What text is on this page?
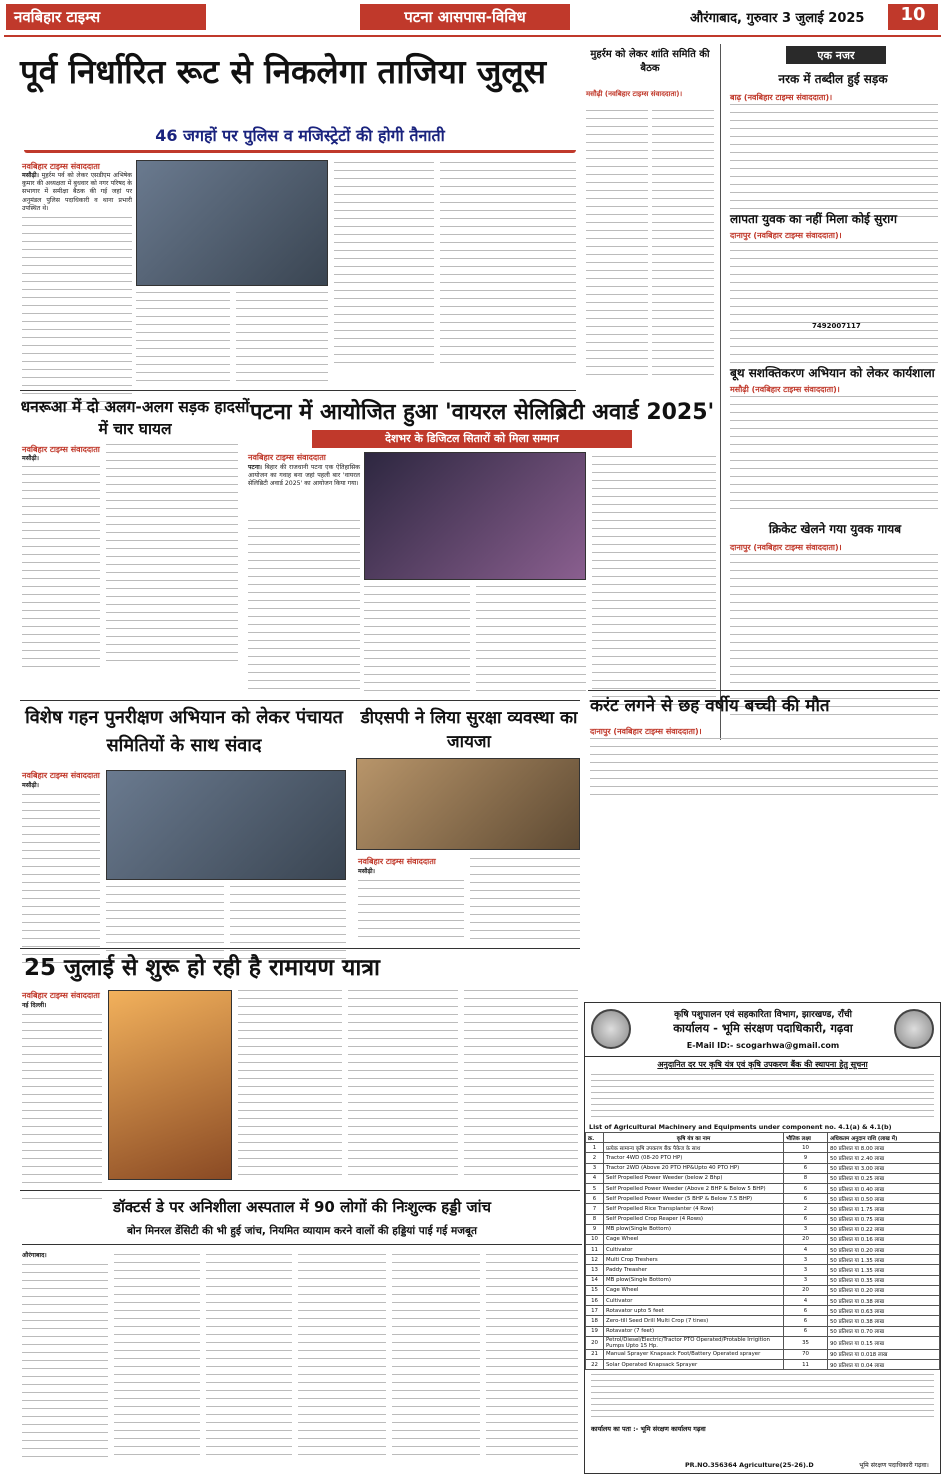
नवबिहार टाइम्स	पटना आसपास-विविध	औरंगाबाद, गुरुवार 3 जुलाई 2025	10
पूर्व निर्धारित रूट से निकलेगा ताजिया जुलूस
46 जगहों पर पुलिस व मजिस्ट्रेटों की होगी तैनाती
नवबिहार टाइम्स संवाददाता
मसौढ़ी। मुहर्रम पर्व को लेकर एसडीएम अभिषेक कुमार की अध्यक्षता में बुधवार को नगर परिषद के सभागार में समीक्षा बैठक की गई जहां पर अनुमंडल पुलिस पदाधिकारी व थाना प्रभारी उपस्थित थे।
मुहर्रम को लेकर शांति समिति की बैठक
मसौढ़ी (नवबिहार टाइम्स संवाददाता)।
एक नजर
नरक में तब्दील हुई सड़क
बाढ़ (नवबिहार टाइम्स संवाददाता)।
लापता युवक का नहीं मिला कोई सुराग
दानापुर (नवबिहार टाइम्स संवाददाता)।
7492007117
बूथ सशक्तिकरण अभियान को लेकर कार्यशाला
मसौढ़ी (नवबिहार टाइम्स संवाददाता)।
क्रिकेट खेलने गया युवक गायब
दानापुर (नवबिहार टाइम्स संवाददाता)।
धनरूआ में दो अलग-अलग सड़क हादसों में चार घायल
नवबिहार टाइम्स संवाददाता
मसौढ़ी।
पटना में आयोजित हुआ 'वायरल सेलिब्रिटी अवार्ड 2025'
देशभर के डिजिटल सितारों को मिला सम्मान
नवबिहार टाइम्स संवाददाता
पटना। बिहार की राजधानी पटना एक ऐतिहासिक आयोजन का गवाह बना जहां पहली बार 'वायरल सेलिब्रिटी अवार्ड 2025' का आयोजन किया गया।
करंट लगने से छह वर्षीय बच्ची की मौत
दानापुर (नवबिहार टाइम्स संवाददाता)।
विशेष गहन पुनरीक्षण अभियान को लेकर पंचायत समितियों के साथ संवाद
नवबिहार टाइम्स संवाददाता
मसौढ़ी।
डीएसपी ने लिया सुरक्षा व्यवस्था का जायजा
नवबिहार टाइम्स संवाददाता
मसौढ़ी।
25 जुलाई से शुरू हो रही है रामायण यात्रा
नवबिहार टाइम्स संवाददाता
नई दिल्ली।
डॉक्टर्स डे पर अनिशीला अस्पताल में 90 लोगों की निःशुल्क हड्डी जांच
बोन मिनरल डेंसिटी की भी हुई जांच, नियमित व्यायाम करने वालों की हड्डियां पाई गई मजबूत
औरंगाबाद।
कृषि पशुपालन एवं सहकारिता विभाग, झारखण्ड, राँची
कार्यालय - भूमि संरक्षण पदाधिकारी, गढ़वा
E-Mail ID:- scogarhwa@gmail.com
अनुदानित दर पर कृषि यंत्र एवं कृषि उपकरण बैंक की स्थापना हेतु सूचना
List of Agricultural Machinery and Equipments under component no. 4.1(a) & 4.1(b)
क्र.	कृषि यंत्र का नाम	भौतिक लक्ष्य	अधिकतम अनुदान राशि (लाख में)
1	प्रत्येक सामान्य कृषि उपकरण बैंक पैकेज के साथ	10	80 प्रतिशत या 8.00 लाख
2	Tractor 4WD (08-20 PTO HP)	9	50 प्रतिशत या 2.40 लाख
3	Tractor 2WD (Above 20 PTO HP&Upto 40 PTO HP)	6	50 प्रतिशत या 3.00 लाख
4	Self Propelled Power Weeder (below 2 Bhp)	8	50 प्रतिशत या 0.25 लाख
5	Self Propelled Power Weeder (Above 2 BHP & Below 5 BHP)	6	50 प्रतिशत या 0.40 लाख
6	Self Propelled Power Weeder (5 BHP & Below 7.5 BHP)	6	50 प्रतिशत या 0.50 लाख
7	Self Propelled Rice Transplanter (4 Row)	2	50 प्रतिशत या 1.75 लाख
8	Self Propelled Crop Reaper (4 Rows)	6	50 प्रतिशत या 0.75 लाख
9	MB plow(Single Bottom)	3	50 प्रतिशत या 0.22 लाख
10	Cage Wheel	20	50 प्रतिशत या 0.16 लाख
11	Cultivator	4	50 प्रतिशत या 0.20 लाख
12	Multi Crop Treshers	3	50 प्रतिशत या 1.35 लाख
13	Paddy Treasher	3	50 प्रतिशत या 1.35 लाख
14	MB plow(Single Bottom)	3	50 प्रतिशत या 0.35 लाख
15	Cage Wheel	20	50 प्रतिशत या 0.20 लाख
16	Cultivator	4	50 प्रतिशत या 0.38 लाख
17	Rotavator upto 5 feet	6	50 प्रतिशत या 0.63 लाख
18	Zero-till Seed Drill Multi Crop (7 tines)	6	50 प्रतिशत या 0.38 लाख
19	Rotavator (7 feet)	6	50 प्रतिशत या 0.70 लाख
20	Petrol/Diesel/Electric/Tractor PTO Operated/Protable Irrigition Pumps Upto 15 Hp.	35	90 प्रतिशत या 0.15 लाख
21	Manual Sprayer Knapsack Foot/Battery Operated sprayer	70	90 प्रतिशत या 0.018 लाख
22	Solar Operated Knapsack Sprayer	11	90 प्रतिशत या 0.04 लाख
कार्यालय का पता :- भूमि संरक्षण कार्यालय गढ़वा
PR.NO.356364 Agriculture(25-26).D	भूमि संरक्षण पदाधिकारी गढ़वा।
